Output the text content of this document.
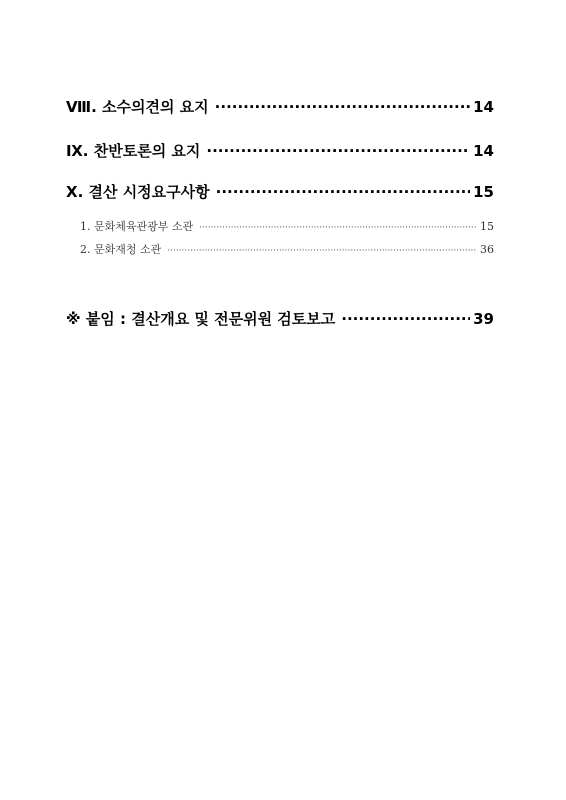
Ⅷ. 소수의견의 요지 ·····	14
Ⅸ. 찬반토론의 요지 ·····	14
Ⅹ. 결산 시정요구사항 ·····	15
1. 문화체육관광부 소관 ·····	15
2. 문화재청 소관 ·····	36
※ 붙임 : 결산개요 및 전문위원 검토보고 ·····	39
